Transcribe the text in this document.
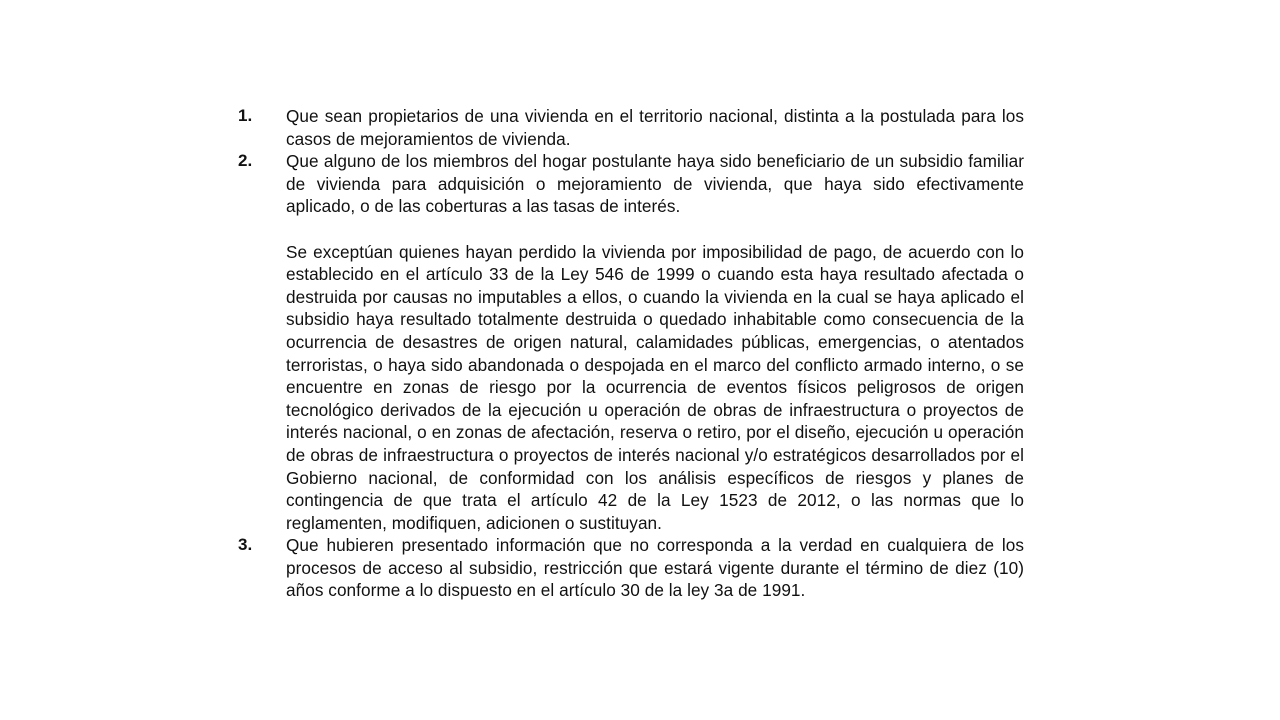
1. Que sean propietarios de una vivienda en el territorio nacional, distinta a la postulada para los casos de mejoramientos de vivienda.

2. Que alguno de los miembros del hogar postulante haya sido beneficiario de un subsidio familiar de vivienda para adquisición o mejoramiento de vivienda, que haya sido efectivamente aplicado, o de las coberturas a las tasas de interés.

Se exceptúan quienes hayan perdido la vivienda por imposibilidad de pago, de acuerdo con lo establecido en el artículo 33 de la Ley 546 de 1999 o cuando esta haya resultado afectada o destruida por causas no imputables a ellos, o cuando la vivienda en la cual se haya aplicado el subsidio haya resultado totalmente destruida o quedado inhabitable como consecuencia de la ocurrencia de desastres de origen natural, calamidades públicas, emergencias, o atentados terroristas, o haya sido abandonada o despojada en el marco del conflicto armado interno, o se encuentre en zonas de riesgo por la ocurrencia de eventos físicos peligrosos de origen tecnológico derivados de la ejecución u operación de obras de infraestructura o proyectos de interés nacional, o en zonas de afectación, reserva o retiro, por el diseño, ejecución u operación de obras de infraestructura o proyectos de interés nacional y/o estratégicos desarrollados por el Gobierno nacional, de conformidad con los análisis específicos de riesgos y planes de contingencia de que trata el artículo 42 de la Ley 1523 de 2012, o las normas que lo reglamenten, modifiquen, adicionen o sustituyan.

3. Que hubieren presentado información que no corresponda a la verdad en cualquiera de los procesos de acceso al subsidio, restricción que estará vigente durante el término de diez (10) años conforme a lo dispuesto en el artículo 30 de la ley 3a de 1991.
